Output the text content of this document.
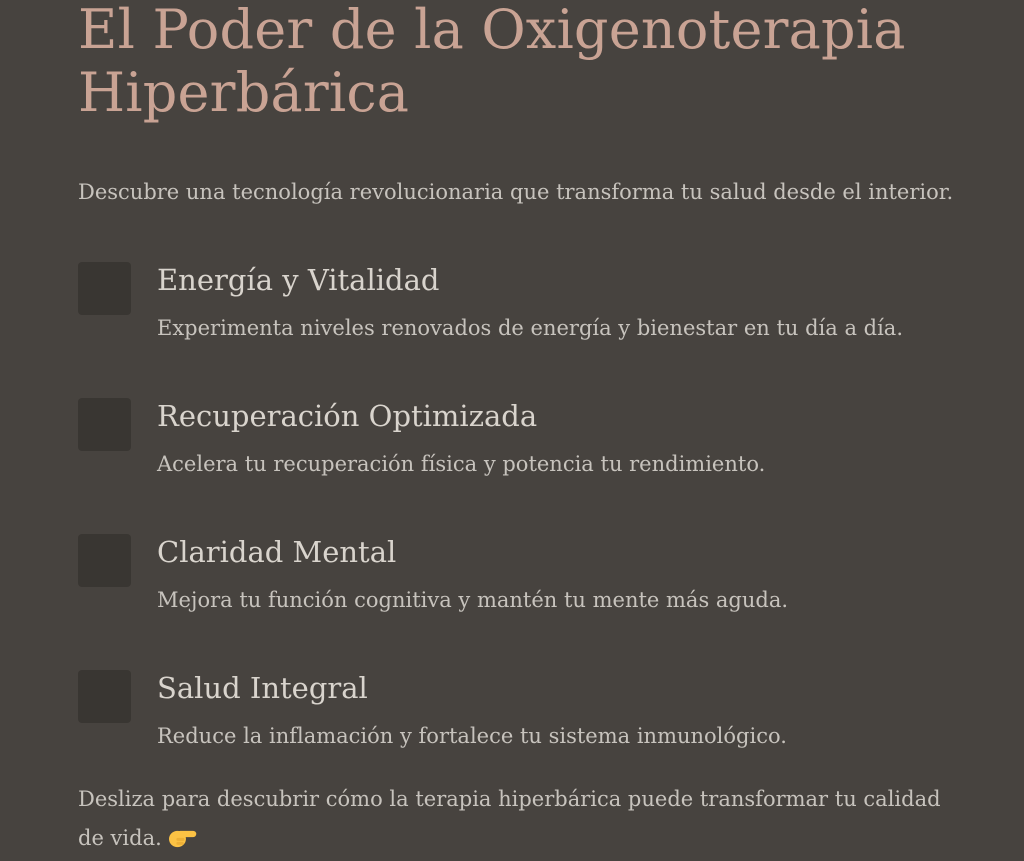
El Poder de la Oxigenoterapia
Hiperbárica

Descubre una tecnología revolucionaria que transforma tu salud desde el interior.

Energía y Vitalidad

Experimenta niveles renovados de energía y bienestar en tu día a día.

Recuperación Optimizada

Acelera tu recuperación física y potencia tu rendimiento.

Claridad Mental

Mejora tu función cognitiva y mantén tu mente más aguda.

Salud Integral

Reduce la inflamación y fortalece tu sistema inmunológico.

Desliza para descubrir cómo la terapia hiperbárica puede transformar tu calidad de vida.
